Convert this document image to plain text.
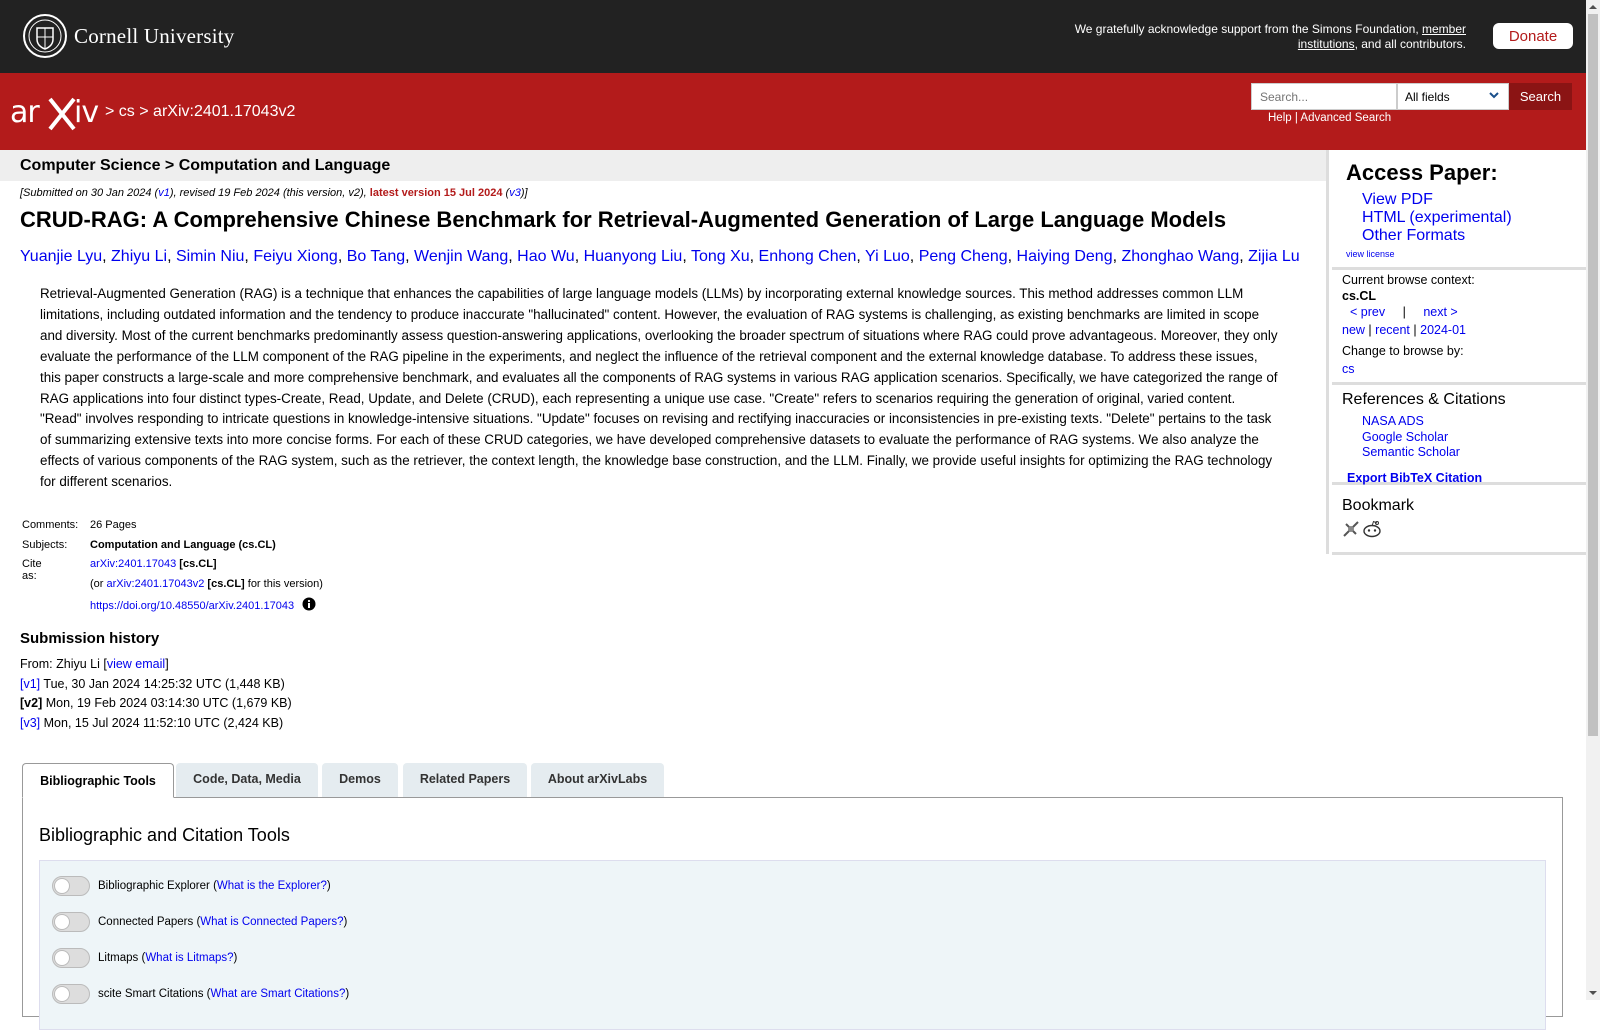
Cornell University	We gratefully acknowledge support from the Simons Foundation, member institutions, and all contributors.	Donate
ar iv > cs > arXiv:2401.17043v2
Search...	All fields	Search
Help | Advanced Search
Computer Science > Computation and Language
[Submitted on 30 Jan 2024 (v1), revised 19 Feb 2024 (this version, v2), latest version 15 Jul 2024 (v3)]
CRUD-RAG: A Comprehensive Chinese Benchmark for Retrieval-Augmented Generation of Large Language Models
Yuanjie Lyu, Zhiyu Li, Simin Niu, Feiyu Xiong, Bo Tang, Wenjin Wang, Hao Wu, Huanyong Liu, Tong Xu, Enhong Chen, Yi Luo, Peng Cheng, Haiying Deng, Zhonghao Wang, Zijia Lu
Retrieval-Augmented Generation (RAG) is a technique that enhances the capabilities of large language models (LLMs) by incorporating external knowledge sources. This method addresses common LLM limitations, including outdated information and the tendency to produce inaccurate "hallucinated" content. However, the evaluation of RAG systems is challenging, as existing benchmarks are limited in scope and diversity. Most of the current benchmarks predominantly assess question-answering applications, overlooking the broader spectrum of situations where RAG could prove advantageous. Moreover, they only evaluate the performance of the LLM component of the RAG pipeline in the experiments, and neglect the influence of the retrieval component and the external knowledge database. To address these issues, this paper constructs a large-scale and more comprehensive benchmark, and evaluates all the components of RAG systems in various RAG application scenarios. Specifically, we have categorized the range of RAG applications into four distinct types-Create, Read, Update, and Delete (CRUD), each representing a unique use case. "Create" refers to scenarios requiring the generation of original, varied content. "Read" involves responding to intricate questions in knowledge-intensive situations. "Update" focuses on revising and rectifying inaccuracies or inconsistencies in pre-existing texts. "Delete" pertains to the task of summarizing extensive texts into more concise forms. For each of these CRUD categories, we have developed comprehensive datasets to evaluate the performance of RAG systems. We also analyze the effects of various components of the RAG system, such as the retriever, the context length, the knowledge base construction, and the LLM. Finally, we provide useful insights for optimizing the RAG technology for different scenarios.
Comments: 26 Pages
Subjects: Computation and Language (cs.CL)
Cite as:
arXiv:2401.17043 [cs.CL]
(or arXiv:2401.17043v2 [cs.CL] for this version)
https://doi.org/10.48550/arXiv.2401.17043
Submission history
From: Zhiyu Li [view email]
[v1] Tue, 30 Jan 2024 14:25:32 UTC (1,448 KB)
[v2] Mon, 19 Feb 2024 03:14:30 UTC (1,679 KB)
[v3] Mon, 15 Jul 2024 11:52:10 UTC (2,424 KB)
Access Paper:
View PDF
HTML (experimental)
Other Formats
view license
Current browse context:
cs.CL
< prev | next >
new | recent | 2024-01
Change to browse by:
cs
References & Citations
NASA ADS
Google Scholar
Semantic Scholar
Export BibTeX Citation
Bookmark
Bibliographic Tools	Code, Data, Media	Demos	Related Papers	About arXivLabs
Bibliographic and Citation Tools
Bibliographic Explorer ( What is the Explorer? )
Connected Papers ( What is Connected Papers? )
Litmaps ( What is Litmaps? )
scite Smart Citations ( What are Smart Citations? )
